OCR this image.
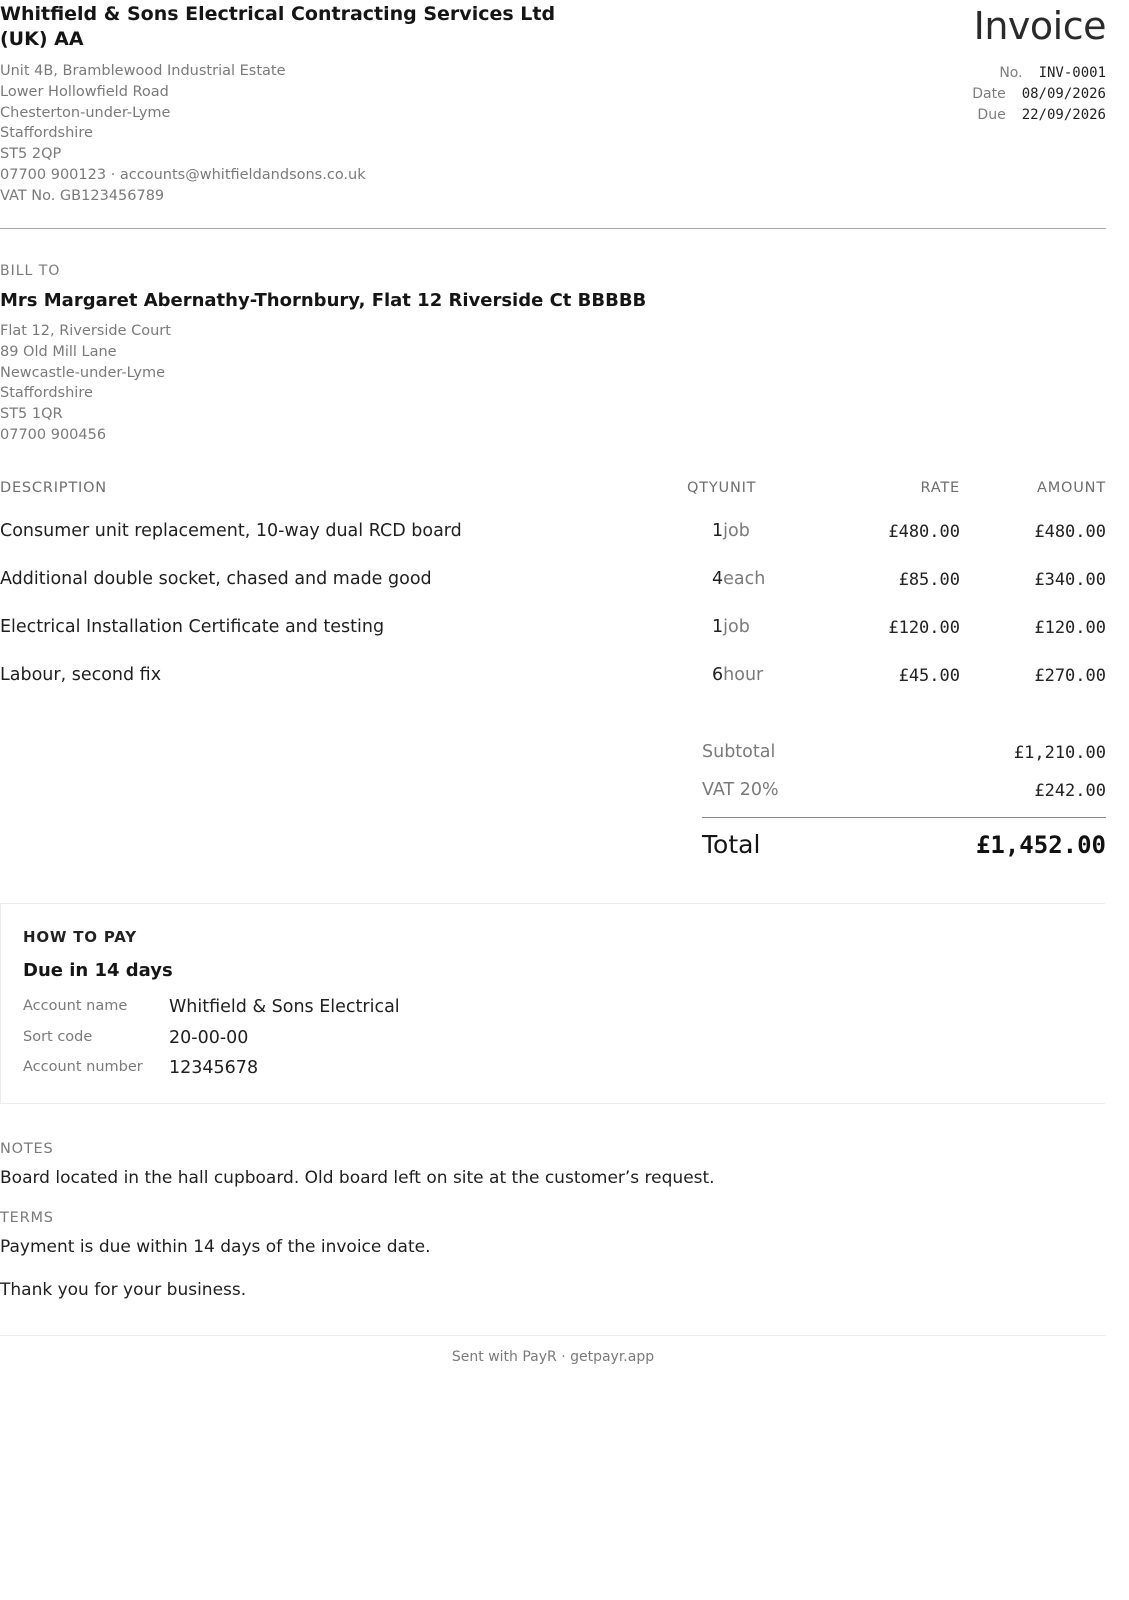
Whitfield & Sons Electrical Contracting Services Ltd (UK) AA
Unit 4B, Bramblewood Industrial Estate
Lower Hollowfield Road
Chesterton-under-Lyme
Staffordshire
ST5 2QP
07700 900123 · accounts@whitfieldandsons.co.uk
VAT No. GB123456789
Invoice
No. INV-0001
Date 08/09/2026
Due 22/09/2026
BILL TO
Mrs Margaret Abernathy-Thornbury, Flat 12 Riverside Ct BBBBB
Flat 12, Riverside Court
89 Old Mill Lane
Newcastle-under-Lyme
Staffordshire
ST5 1QR
07700 900456
DESCRIPTION	QTYUNIT	RATE	AMOUNT
Consumer unit replacement, 10-way dual RCD board	1job	£480.00	£480.00
Additional double socket, chased and made good	4each	£85.00	£340.00
Electrical Installation Certificate and testing	1job	£120.00	£120.00
Labour, second fix	6hour	£45.00	£270.00
Subtotal	£1,210.00
VAT 20%	£242.00
Total	£1,452.00
HOW TO PAY
Due in 14 days
Account name Whitfield & Sons Electrical
Sort code	20-00-00
Account number 12345678
NOTES
Board located in the hall cupboard. Old board left on site at the customer’s request.
TERMS
Payment is due within 14 days of the invoice date.
Thank you for your business.
Sent with PayR · getpayr.app
